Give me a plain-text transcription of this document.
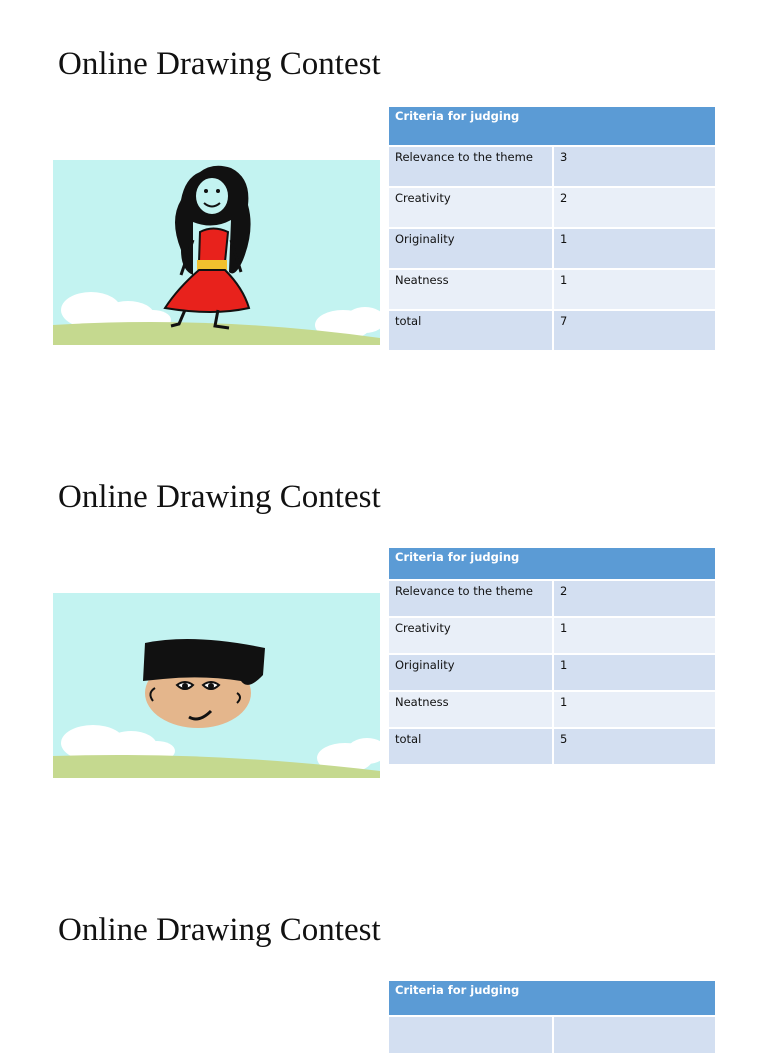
Online Drawing Contest
Criteria for judging	
Relevance to the theme	3
Creativity	2
Originality	1
Neatness	1
total	7
Online Drawing Contest
Criteria for judging	
Relevance to the theme	2
Creativity	1
Originality	1
Neatness	1
total	5
Online Drawing Contest
Criteria for judging
